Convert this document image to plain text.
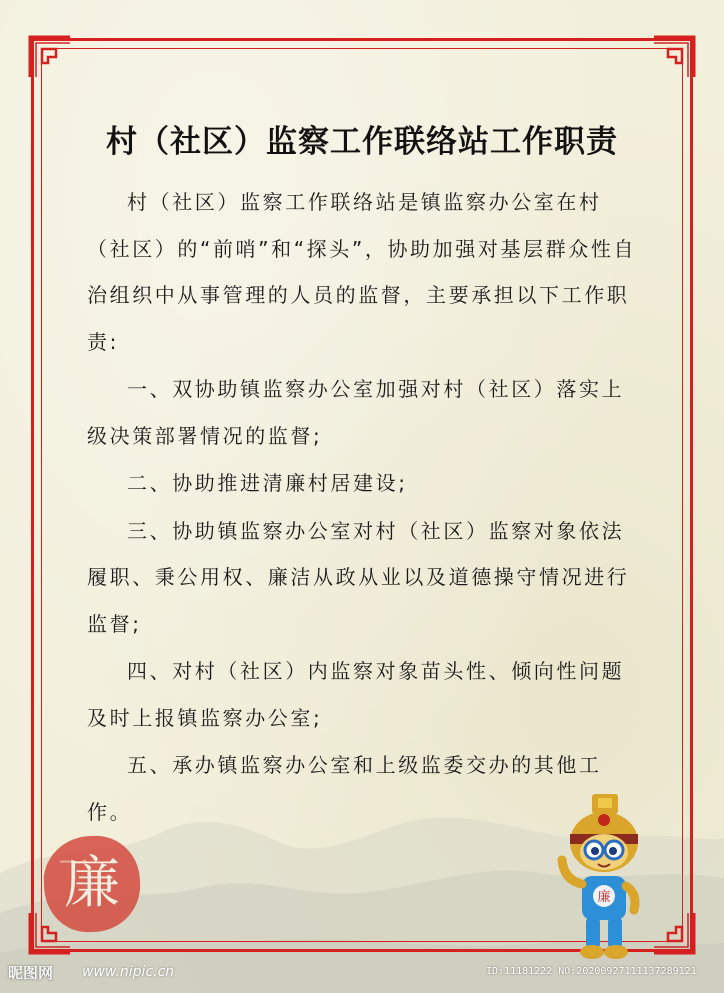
村（社区）监察工作联络站工作职责

村（社区）监察工作联络站是镇监察办公室在村（社区）的“前哨”和“探头”，协助加强对基层群众性自治组织中从事管理的人员的监督，主要承担以下工作职责:

一、双协助镇监察办公室加强对村（社区）落实上级决策部署情况的监督;

二、协助推进清廉村居建设;

三、协助镇监察办公室对村（社区）监察对象依法履职、秉公用权、廉洁从政从业以及道德操守情况进行监督;

四、对村（社区）内监察对象苗头性、倾向性问题及时上报镇监察办公室;

五、承办镇监察办公室和上级监委交办的其他工作。

廉	廉
昵图网 www.nipic.cn	ID:11181222 NO:20200927111137289121
